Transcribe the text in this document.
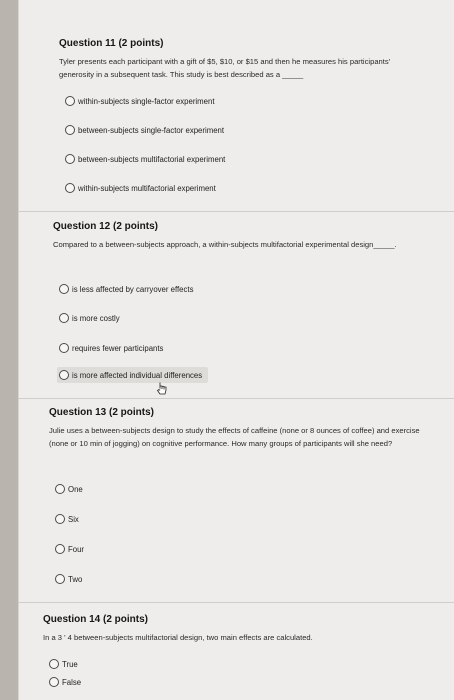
Question 11 (2 points)
Tyler presents each participant with a gift of $5, $10, or $15 and then he measures his participants' generosity in a subsequent task. This study is best described as a _____
within-subjects single-factor experiment
between-subjects single-factor experiment
between-subjects multifactorial experiment
within-subjects multifactorial experiment
Question 12 (2 points)
Compared to a between-subjects approach, a within-subjects multifactorial experimental design_____.
is less affected by carryover effects
is more costly
requires fewer participants
is more affected individual differences
Question 13 (2 points)
Julie uses a between-subjects design to study the effects of caffeine (none or 8 ounces of coffee) and exercise (none or 10 min of jogging) on cognitive performance. How many groups of participants will she need?
One
Six
Four
Two
Question 14 (2 points)
In a 3 ' 4 between-subjects multifactorial design, two main effects are calculated.
True
False
